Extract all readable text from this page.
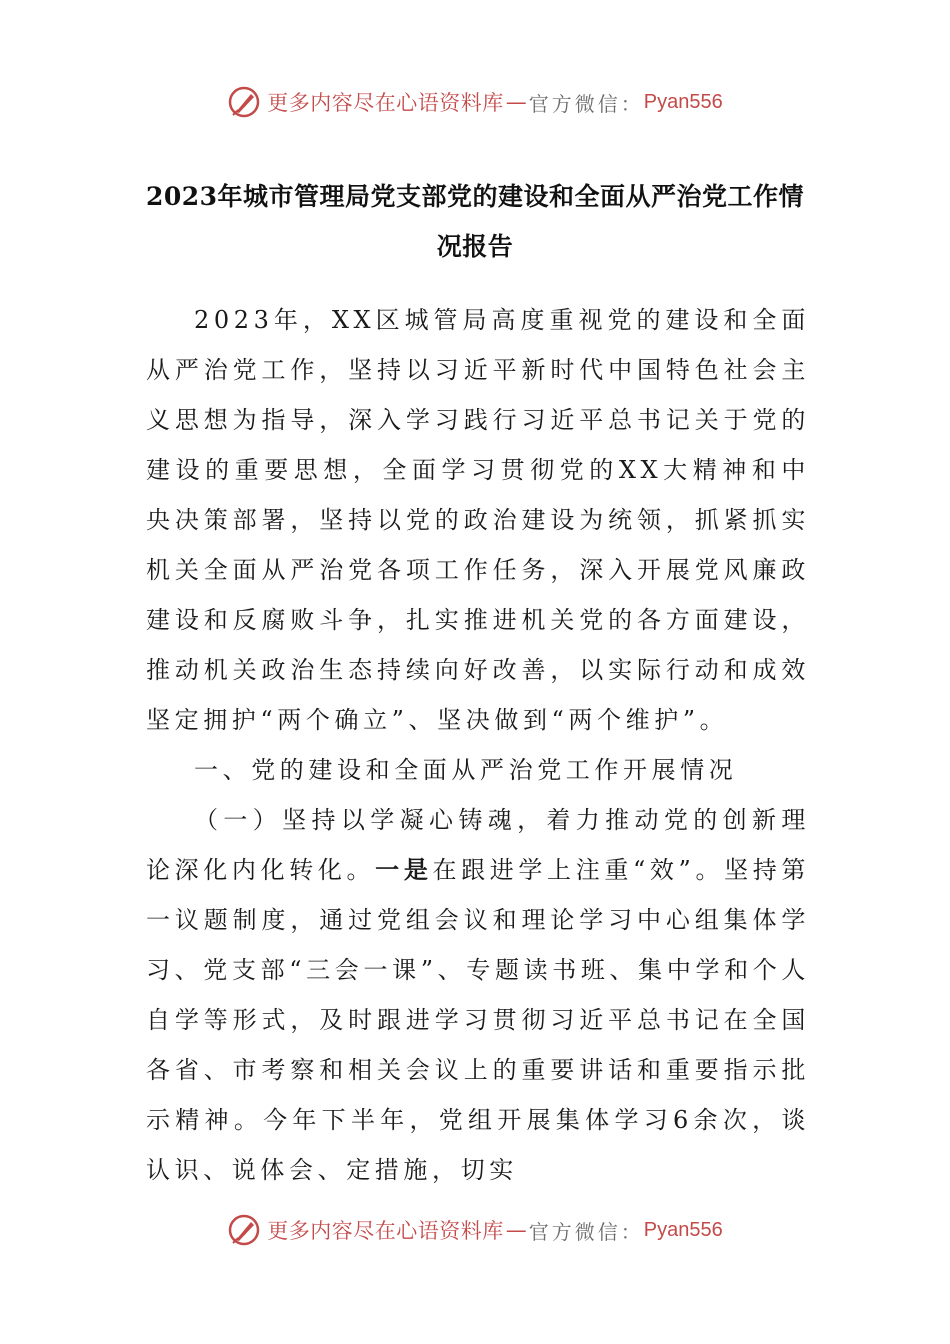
更多内容尽在心语资料库 — 官方微信： Pyan556
2023年城市管理局党支部党的建设和全面从严治党工作情况报告

2023年，XX区城管局高度重视党的建设和全面从严治党工作，坚持以习近平新时代中国特色社会主义思想为指导，深入学习践行习近平总书记关于党的建设的重要思想，全面学习贯彻党的XX大精神和中央决策部署，坚持以党的政治建设为统领，抓紧抓实机关全面从严治党各项工作任务，深入开展党风廉政建设和反腐败斗争，扎实推进机关党的各方面建设，推动机关政治生态持续向好改善，以实际行动和成效坚定拥护“两个确立”、坚决做到“两个维护”。

一、党的建设和全面从严治党工作开展情况

（一）坚持以学凝心铸魂，着力推动党的创新理论深化内化转化。一是在跟进学上注重“效”。坚持第一议题制度，通过党组会议和理论学习中心组集体学习、党支部“三会一课”、专题读书班、集中学和个人自学等形式，及时跟进学习贯彻习近平总书记在全国各省、市考察和相关会议上的重要讲话和重要指示批示精神。今年下半年，党组开展集体学习6余次，谈认识、说体会、定措施，切实

更多内容尽在心语资料库 — 官方微信： Pyan556
